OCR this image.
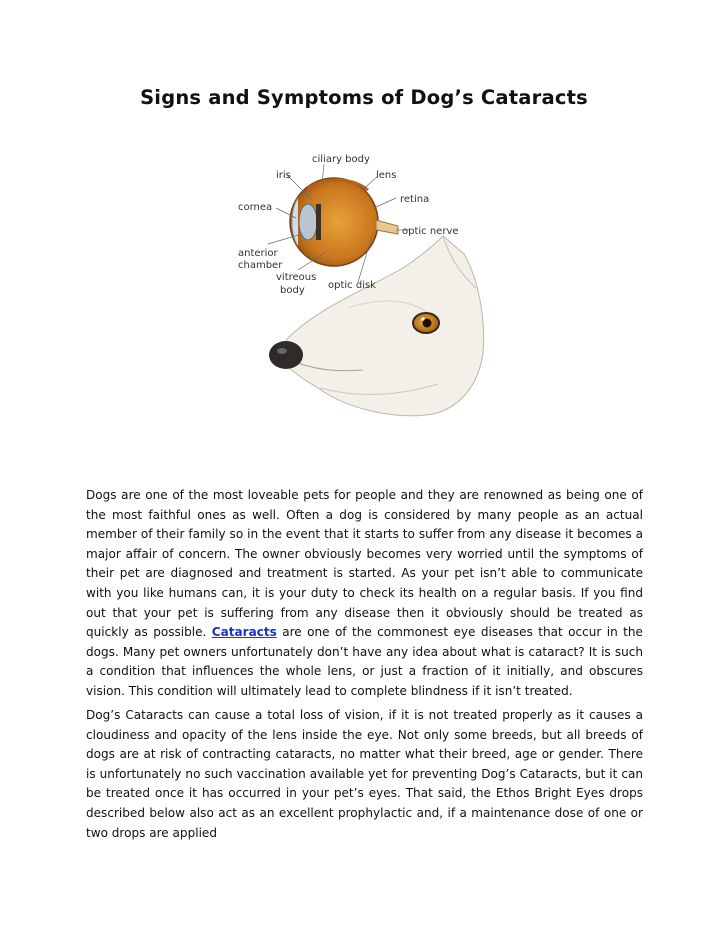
Signs and Symptoms of Dog’s Cataracts
ciliary body
iris	lens
retina
cornea
optic nerve
anterior
chamber
vitreous
body optic disk

Dogs are one of the most loveable pets for people and they are renowned as being one of the most faithful ones as well. Often a dog is considered by many people as an actual member of their family so in the event that it starts to suffer from any disease it becomes a major affair of concern. The owner obviously becomes very worried until the symptoms of their pet are diagnosed and treatment is started. As your pet isn’t able to communicate with you like humans can, it is your duty to check its health on a regular basis. If you find out that your pet is suffering from any disease then it obviously should be treated as quickly as possible. Cataracts are one of the commonest eye diseases that occur in the dogs. Many pet owners unfortunately don’t have any idea about what is cataract? It is such a condition that influences the whole lens, or just a fraction of it initially, and obscures vision. This condition will ultimately lead to complete blindness if it isn’t treated.

Dog’s Cataracts can cause a total loss of vision, if it is not treated properly as it causes a cloudiness and opacity of the lens inside the eye. Not only some breeds, but all breeds of dogs are at risk of contracting cataracts, no matter what their breed, age or gender. There is unfortunately no such vaccination available yet for preventing Dog’s Cataracts, but it can be treated once it has occurred in your pet’s eyes. That said, the Ethos Bright Eyes drops described below also act as an excellent prophylactic and, if a maintenance dose of one or two drops are applied
